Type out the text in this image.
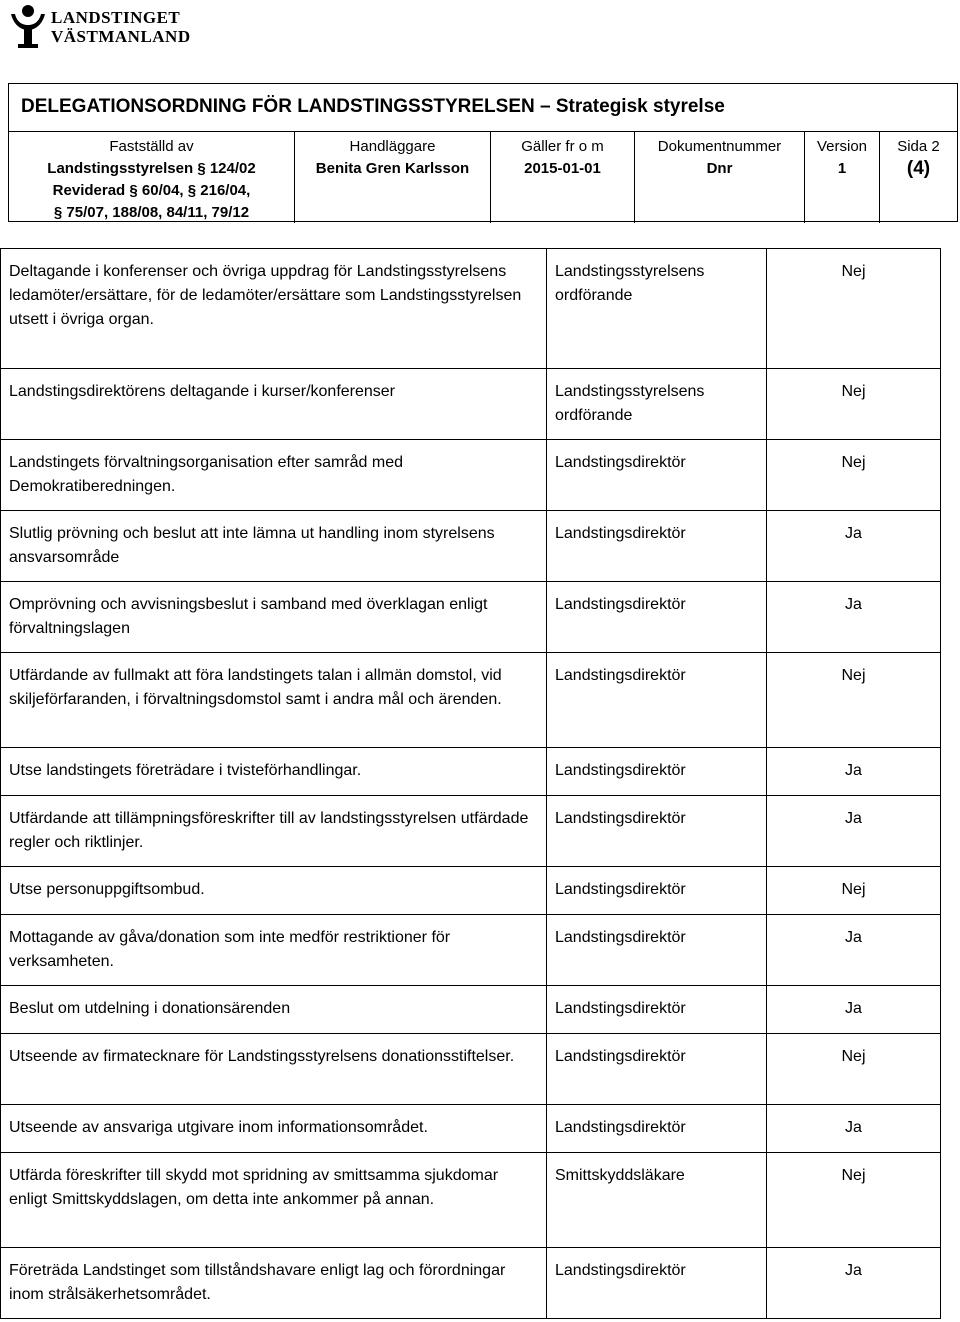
LANDSTINGET
VÄSTMANLAND
DELEGATIONSORDNING FÖR LANDSTINGSSTYRELSEN – Strategisk styrelse
Fastställd av
Landstingsstyrelsen § 124/02
Reviderad § 60/04, § 216/04,
§ 75/07, 188/08, 84/11, 79/12
Handläggare
Benita Gren Karlsson
Gäller fr o m
2015-01-01
Dokumentnummer
Dnr
Version
1
Sida 2
(4)
Deltagande i konferenser och övriga uppdrag för Landstingsstyrelsens ledamöter/ersättare, för de ledamöter/ersättare som Landstingsstyrelsen utsett i övriga organ.	Landstingsstyrelsens ordförande	Nej
Landstingsdirektörens deltagande i kurser/konferenser	Landstingsstyrelsens ordförande	Nej
Landstingets förvaltningsorganisation efter samråd med Demokratiberedningen.	Landstingsdirektör	Nej
Slutlig prövning och beslut att inte lämna ut handling inom styrelsens ansvarsområde	Landstingsdirektör	Ja
Omprövning och avvisningsbeslut i samband med överklagan enligt förvaltningslagen	Landstingsdirektör	Ja
Utfärdande av fullmakt att föra landstingets talan i allmän domstol, vid skiljeförfaranden, i förvaltningsdomstol samt i andra mål och ärenden.	Landstingsdirektör	Nej
Utse landstingets företrädare i tvisteförhandlingar.	Landstingsdirektör	Ja
Utfärdande att tillämpningsföreskrifter till av landstingsstyrelsen utfärdade regler och riktlinjer.	Landstingsdirektör	Ja
Utse personuppgiftsombud.	Landstingsdirektör	Nej
Mottagande av gåva/donation som inte medför restriktioner för verksamheten.	Landstingsdirektör	Ja
Beslut om utdelning i donationsärenden	Landstingsdirektör	Ja
Utseende av firmatecknare för Landstingsstyrelsens donationsstiftelser.	Landstingsdirektör	Nej
Utseende av ansvariga utgivare inom informationsområdet.	Landstingsdirektör	Ja
Utfärda föreskrifter till skydd mot spridning av smittsamma sjukdomar enligt Smittskyddslagen, om detta inte ankommer på annan.	Smittskyddsläkare	Nej
Företräda Landstinget som tillståndshavare enligt lag och förordningar inom strålsäkerhetsområdet.	Landstingsdirektör	Ja
